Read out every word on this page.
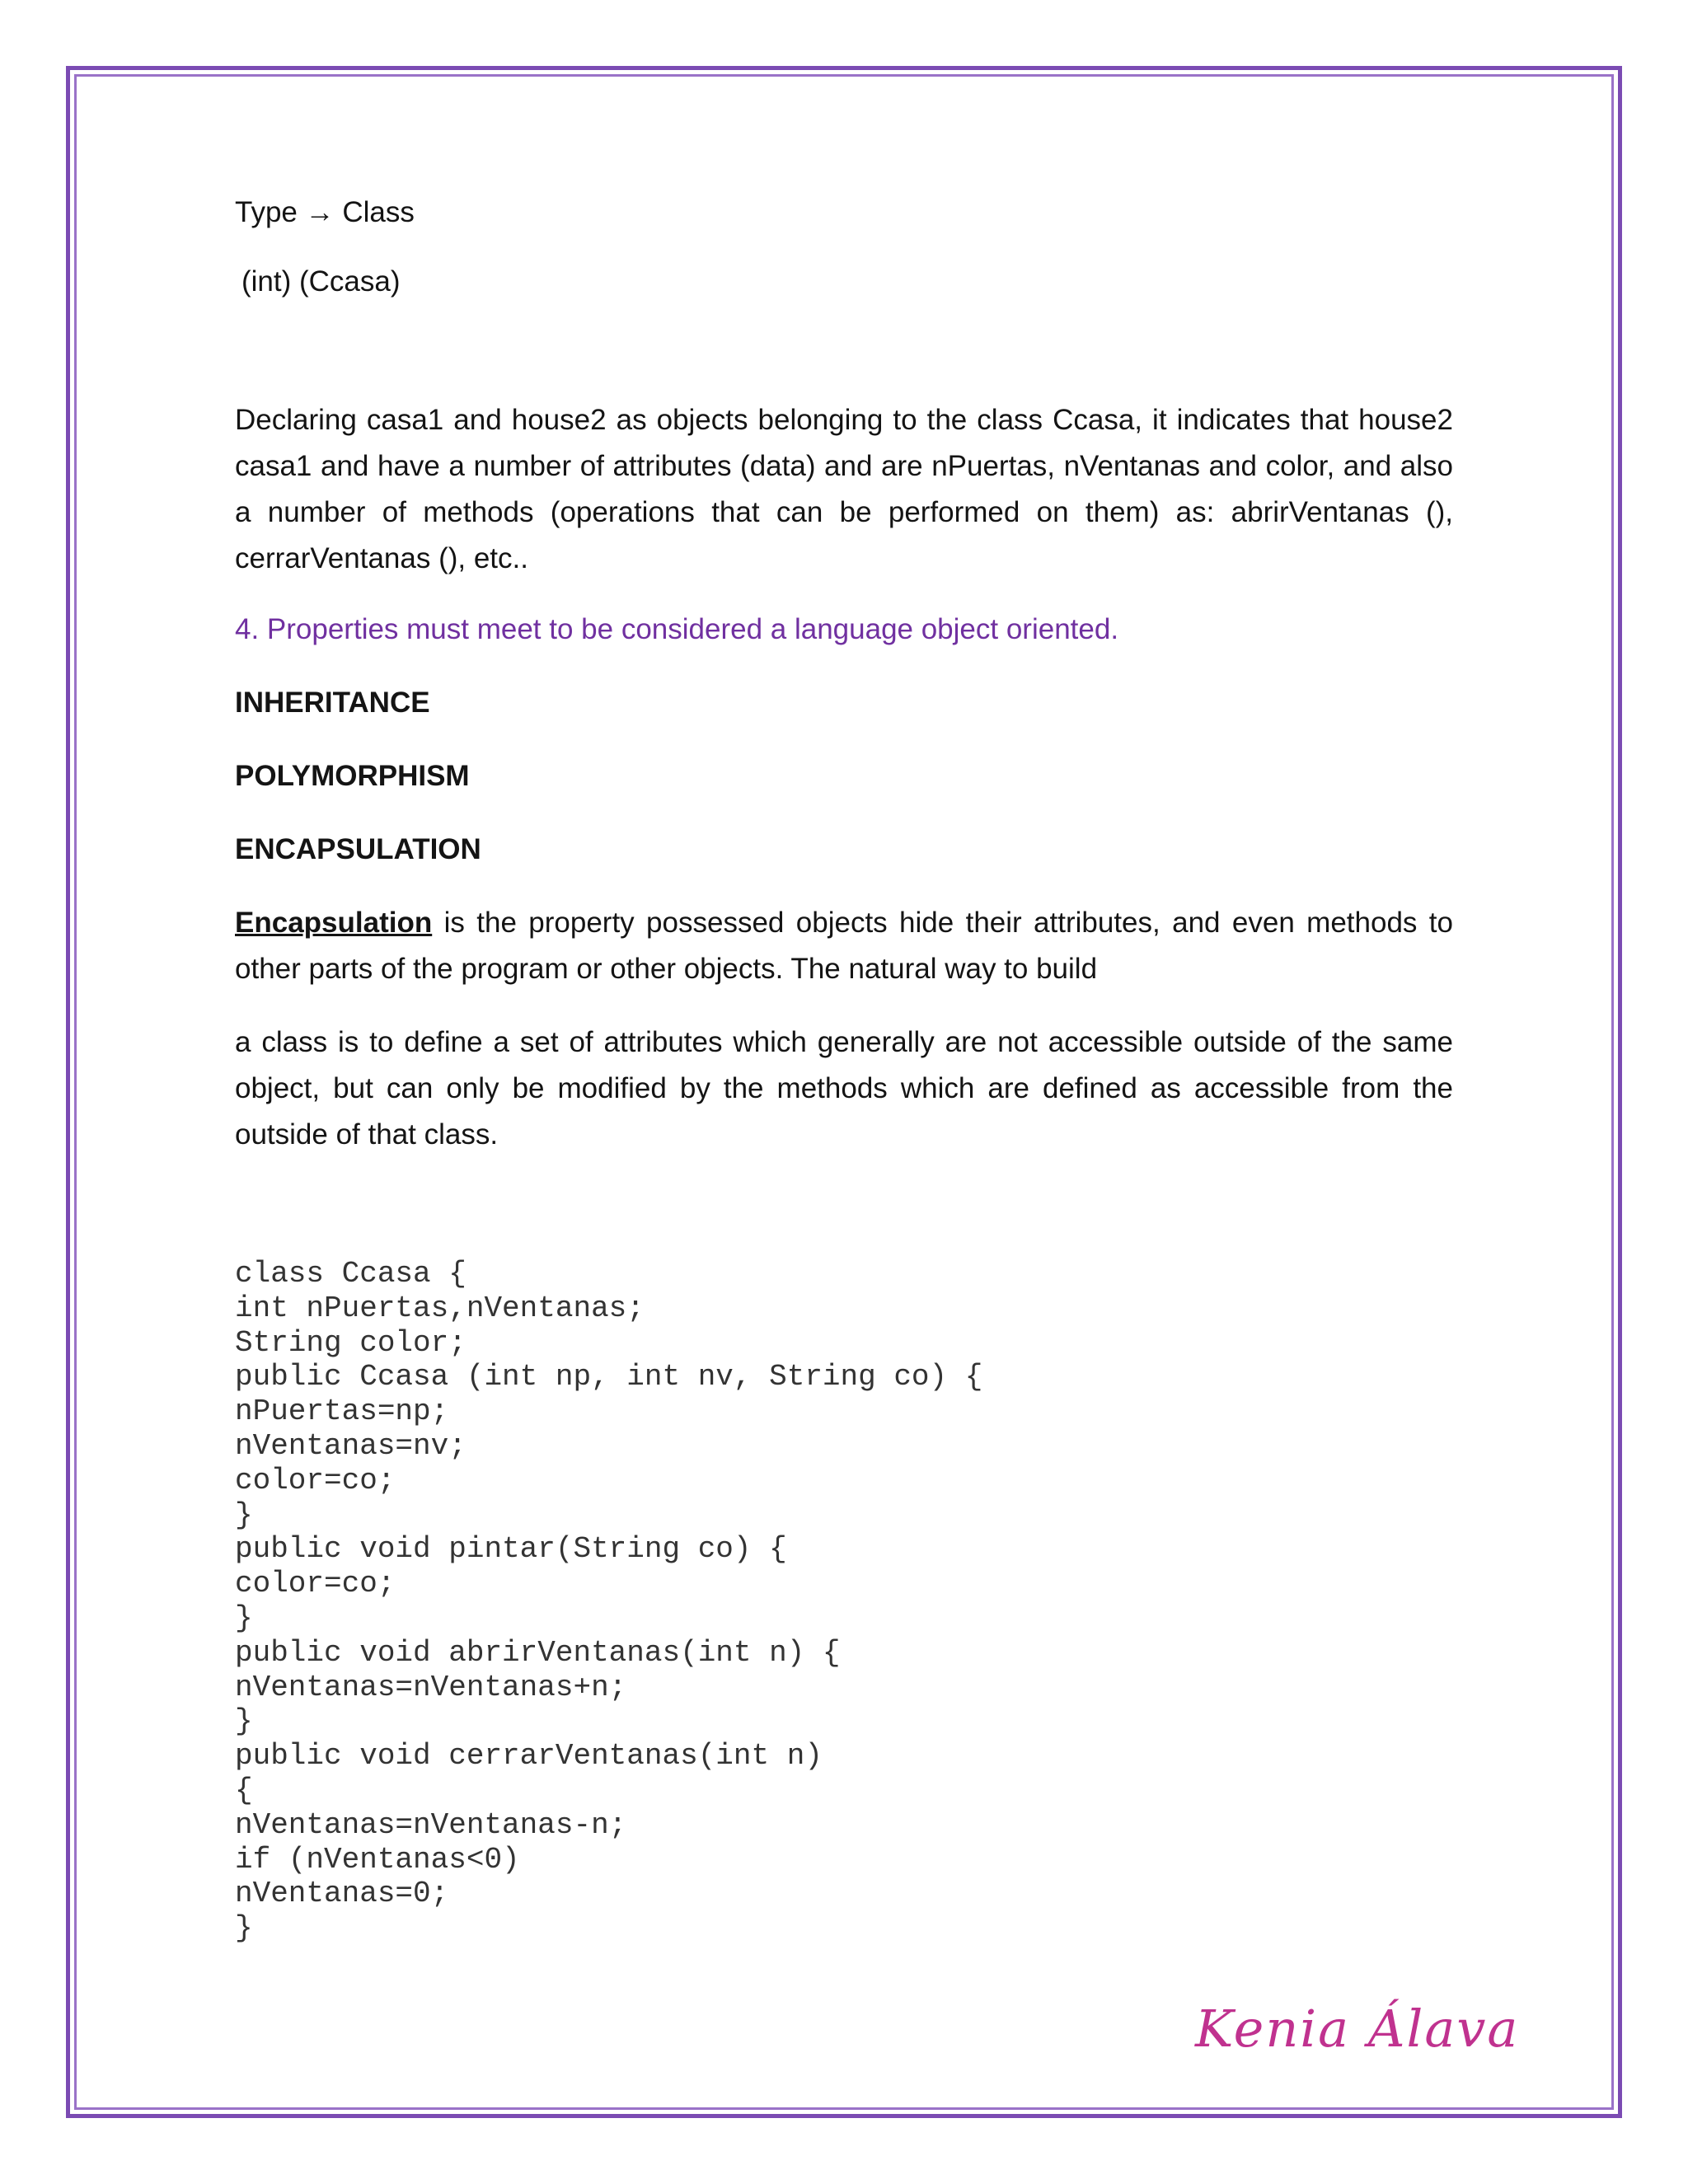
Type → Class

(int) (Ccasa)

Declaring casa1 and house2 as objects belonging to the class Ccasa, it indicates that house2 casa1 and have a number of attributes (data) and are nPuertas, nVentanas and color, and also a number of methods (operations that can be performed on them) as: abrirVentanas (), cerrarVentanas (), etc..

4. Properties must meet to be considered a language object oriented.

INHERITANCE

POLYMORPHISM

ENCAPSULATION

Encapsulation is the property possessed objects hide their attributes, and even methods to other parts of the program or other objects. The natural way to build

a class is to define a set of attributes which generally are not accessible outside of the same object, but can only be modified by the methods which are defined as accessible from the outside of that class.

class Ccasa {
int nPuertas,nVentanas;
String color;
public Ccasa (int np, int nv, String co) {
nPuertas=np;
nVentanas=nv;
color=co;
}
public void pintar(String co) {
color=co;
}
public void abrirVentanas(int n) {
nVentanas=nVentanas+n;
}
public void cerrarVentanas(int n)
{
nVentanas=nVentanas-n;
if (nVentanas<0)
nVentanas=0;
}
Kenia Álava
